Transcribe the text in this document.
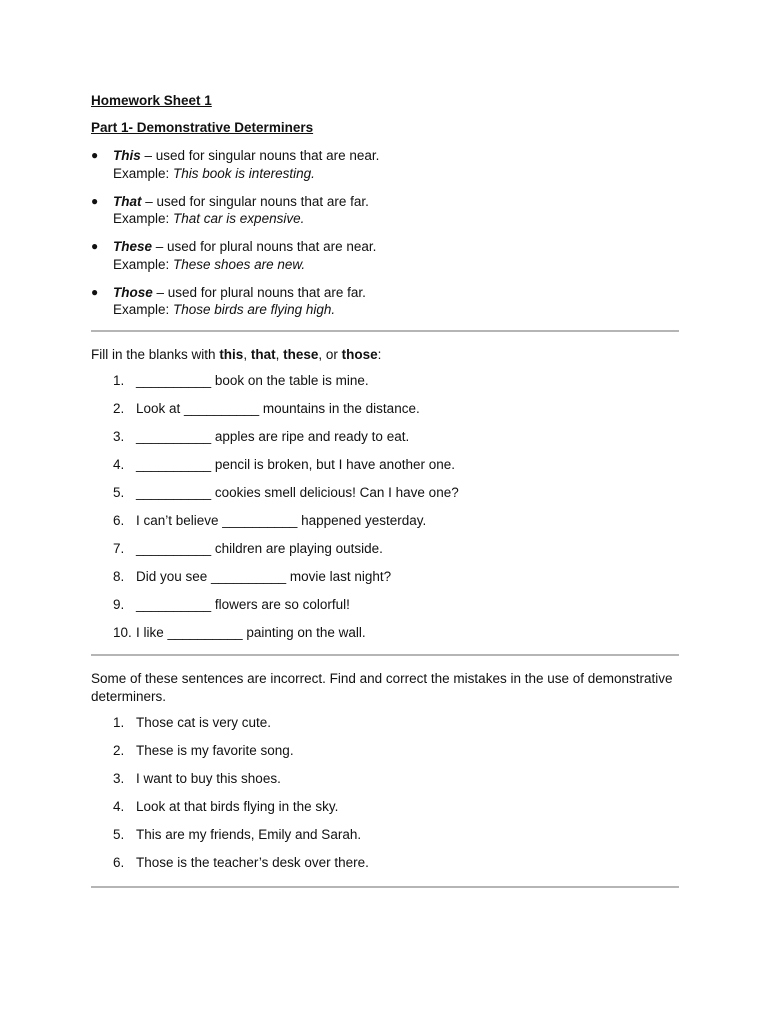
Homework Sheet 1

Part 1- Demonstrative Determiners

● This – used for singular nouns that are near.
Example: This book is interesting.
● That – used for singular nouns that are far.
Example: That car is expensive.
● These – used for plural nouns that are near.
Example: These shoes are new.
● Those – used for plural nouns that are far.
Example: Those birds are flying high.

Fill in the blanks with this, that, these, or those:

1. __________ book on the table is mine.
2. Look at __________ mountains in the distance.
3. __________ apples are ripe and ready to eat.
4. __________ pencil is broken, but I have another one.
5. __________ cookies smell delicious! Can I have one?
6. I can’t believe __________ happened yesterday.
7. __________ children are playing outside.
8. Did you see __________ movie last night?
9. __________ flowers are so colorful!
10. I like __________ painting on the wall.

Some of these sentences are incorrect. Find and correct the mistakes in the use of demonstrative determiners.

1. Those cat is very cute.
2. These is my favorite song.
3. I want to buy this shoes.
4. Look at that birds flying in the sky.
5. This are my friends, Emily and Sarah.
6. Those is the teacher’s desk over there.
